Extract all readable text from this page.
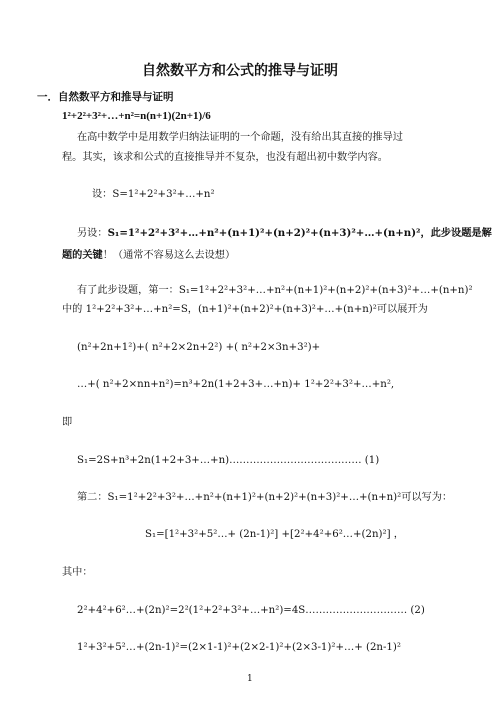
自然数平方和公式的推导与证明
一．自然数平方和推导与证明
1²+2²+3²+…+n²=n(n+1)(2n+1)/6
在高中数学中是用数学归纳法证明的一个命题，没有给出其直接的推导过
程。其实，该求和公式的直接推导并不复杂，也没有超出初中数学内容。
设：S=1²+2²+3²+…+n²
另设：S₁=1²+2²+3²+…+n²+(n+1)²+(n+2)²+(n+3)²+…+(n+n)²，此步设题是解
题的关键！（通常不容易这么去设想）
有了此步设题，第一：S₁=1²+2²+3²+…+n²+(n+1)²+(n+2)²+(n+3)²+…+(n+n)²
中的 1²+2²+3²+…+n²=S，(n+1)²+(n+2)²+(n+3)²+…+(n+n)²可以展开为
(n²+2n+1²)+( n²+2×2n+2²) +( n²+2×3n+3²)+
…+( n²+2×nn+n²)=n³+2n(1+2+3+…+n)+ 1²+2²+3²+…+n²,
即
S₁=2S+n³+2n(1+2+3+…+n)………………………………… (1)
第二：S₁=1²+2²+3²+…+n²+(n+1)²+(n+2)²+(n+3)²+…+(n+n)²可以写为：
S₁=[1²+3²+5²…+ (2n-1)²] +[2²+4²+6²…+(2n)²] ，
其中：
2²+4²+6²…+(2n)²=2²(1²+2²+3²+…+n²)=4S………………………… (2)
1²+3²+5²…+(2n-1)²=(2×1-1)²+(2×2-1)²+(2×3-1)²+…+ (2n-1)²
1
